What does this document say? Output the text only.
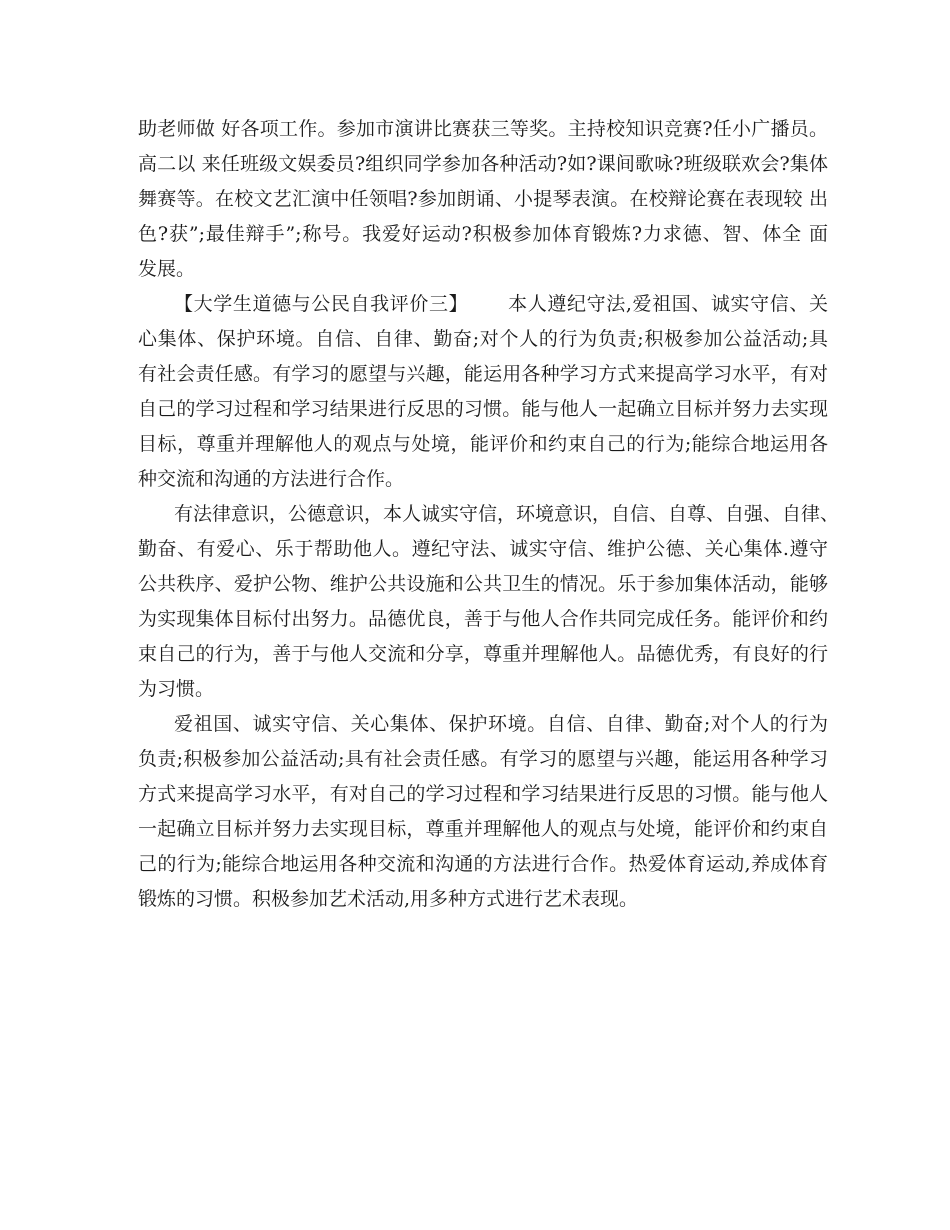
助老师做 好各项工作。参加市演讲比赛获三等奖。主持校知识竞赛?任小广播员。
高二以 来任班级文娱委员?组织同学参加各种活动?如?课间歌咏?班级联欢会?集体
舞赛等。在校文艺汇演中任领唱?参加朗诵、小提琴表演。在校辩论赛在表现较 出
色?获”;最佳辩手”;称号。我爱好运动?积极参加体育锻炼?力求德、智、体全 面
发展。
【大学生道德与公民自我评价三】      本人遵纪守法,爱祖国、诚实守信、关
心集体、保护环境。自信、自律、勤奋;对个人的行为负责;积极参加公益活动;具
有社会责任感。有学习的愿望与兴趣，能运用各种学习方式来提高学习水平，有对
自己的学习过程和学习结果进行反思的习惯。能与他人一起确立目标并努力去实现
目标，尊重并理解他人的观点与处境，能评价和约束自己的行为;能综合地运用各
种交流和沟通的方法进行合作。
有法律意识，公德意识，本人诚实守信，环境意识，自信、自尊、自强、自律、
勤奋、有爱心、乐于帮助他人。遵纪守法、诚实守信、维护公德、关心集体.遵守
公共秩序、爱护公物、维护公共设施和公共卫生的情况。乐于参加集体活动，能够
为实现集体目标付出努力。品德优良，善于与他人合作共同完成任务。能评价和约
束自己的行为，善于与他人交流和分享，尊重并理解他人。品德优秀，有良好的行
为习惯。
爱祖国、诚实守信、关心集体、保护环境。自信、自律、勤奋;对个人的行为
负责;积极参加公益活动;具有社会责任感。有学习的愿望与兴趣，能运用各种学习
方式来提高学习水平，有对自己的学习过程和学习结果进行反思的习惯。能与他人
一起确立目标并努力去实现目标，尊重并理解他人的观点与处境，能评价和约束自
己的行为;能综合地运用各种交流和沟通的方法进行合作。热爱体育运动,养成体育
锻炼的习惯。积极参加艺术活动,用多种方式进行艺术表现。
